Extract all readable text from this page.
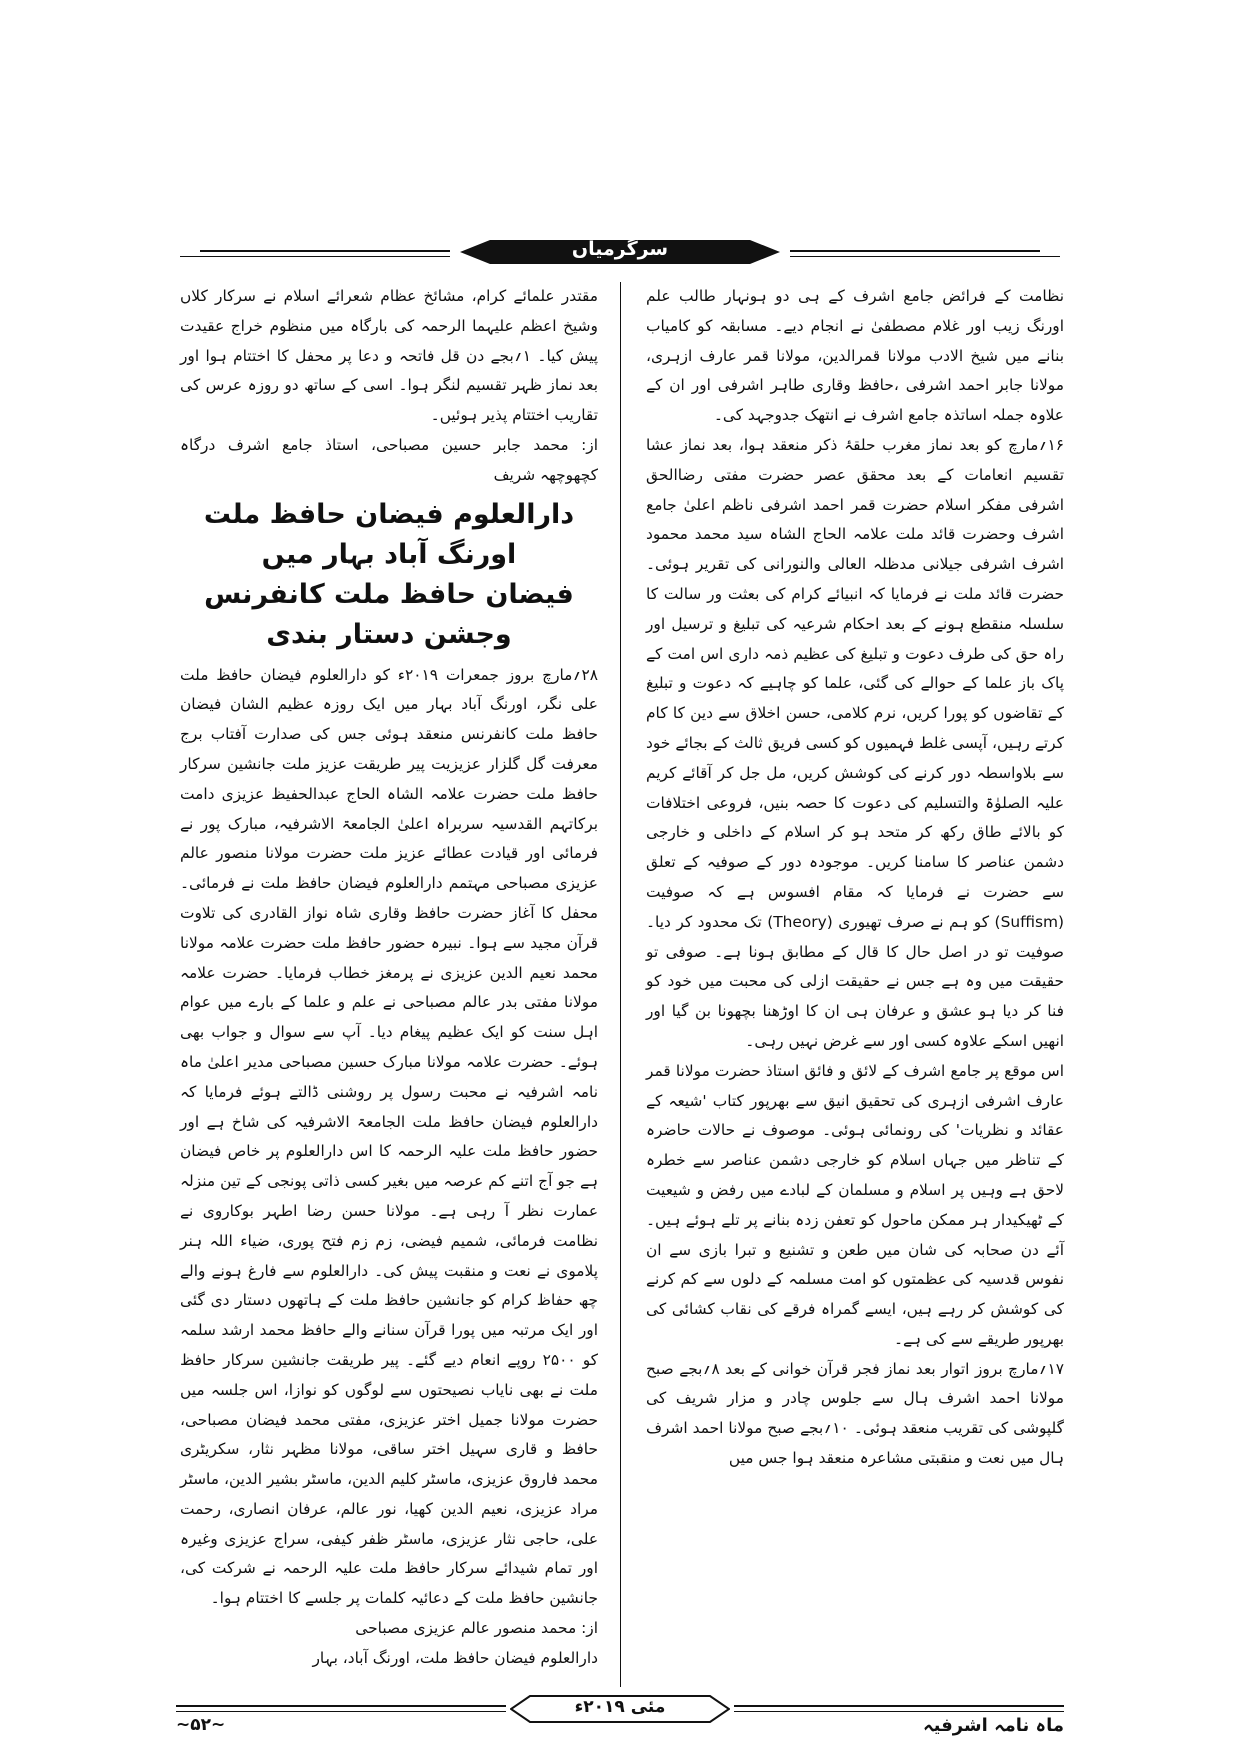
سرگرمیاں

نظامت کے فرائض جامع اشرف کے ہی دو ہونہار طالب علم اورنگ زیب اور غلام مصطفیٰ نے انجام دیے۔ مسابقہ کو کامیاب بنانے میں شیخ الادب مولانا قمرالدین، مولانا قمر عارف ازہری، مولانا جابر احمد اشرفی ،حافظ وقاری طاہر اشرفی اور ان کے علاوہ جملہ اساتذہ جامع اشرف نے انتھک جدوجہد کی۔

۱۶؍مارچ کو بعد نماز مغرب حلقۂ ذکر منعقد ہوا، بعد نماز عشا تقسیم انعامات کے بعد محقق عصر حضرت مفتی رضاالحق اشرفی مفکر اسلام حضرت قمر احمد اشرفی ناظم اعلیٰ جامع اشرف وحضرت قائد ملت علامہ الحاج الشاہ سید محمد محمود اشرف اشرفی جیلانی مدظلہ العالی والنورانی کی تقریر ہوئی۔ حضرت قائد ملت نے فرمایا کہ انبیائے کرام کی بعثت ور سالت کا سلسلہ منقطع ہونے کے بعد احکام شرعیہ کی تبلیغ و ترسیل اور راہ حق کی طرف دعوت و تبلیغ کی عظیم ذمہ داری اس امت کے پاک باز علما کے حوالے کی گئی، علما کو چاہیے کہ دعوت و تبلیغ کے تقاضوں کو پورا کریں، نرم کلامی، حسن اخلاق سے دین کا کام کرتے رہیں، آپسی غلط فہمیوں کو کسی فریق ثالث کے بجائے خود سے بلاواسطہ دور کرنے کی کوشش کریں، مل جل کر آقائے کریم علیہ الصلوٰۃ والتسلیم کی دعوت کا حصہ بنیں، فروعی اختلافات کو بالائے طاق رکھ کر متحد ہو کر اسلام کے داخلی و خارجی دشمن عناصر کا سامنا کریں۔ موجودہ دور کے صوفیہ کے تعلق سے حضرت نے فرمایا کہ مقام افسوس ہے کہ صوفیت (Suffism) کو ہم نے صرف تھیوری (Theory) تک محدود کر دیا۔ صوفیت تو در اصل حال کا قال کے مطابق ہونا ہے۔ صوفی تو حقیقت میں وہ ہے جس نے حقیقت ازلی کی محبت میں خود کو فنا کر دیا ہو عشق و عرفان ہی ان کا اوڑھنا بچھونا بن گیا اور انھیں اسکے علاوہ کسی اور سے غرض نہیں رہی۔

اس موقع پر جامع اشرف کے لائق و فائق استاذ حضرت مولانا قمر عارف اشرفی ازہری کی تحقیق انیق سے بھرپور کتاب 'شیعہ کے عقائد و نظریات' کی رونمائی ہوئی۔ موصوف نے حالات حاضرہ کے تناظر میں جہاں اسلام کو خارجی دشمن عناصر سے خطرہ لاحق ہے وہیں پر اسلام و مسلمان کے لبادے میں رفض و شیعیت کے ٹھیکیدار ہر ممکن ماحول کو تعفن زدہ بنانے پر تلے ہوئے ہیں۔ آئے دن صحابہ کی شان میں طعن و تشنیع و تبرا بازی سے ان نفوس قدسیہ کی عظمتوں کو امت مسلمہ کے دلوں سے کم کرنے کی کوشش کر رہے ہیں، ایسے گمراہ فرقے کی نقاب کشائی کی بھرپور طریقے سے کی ہے۔

۱۷؍مارچ بروز اتوار بعد نماز فجر قرآن خوانی کے بعد ۸؍بجے صبح مولانا احمد اشرف ہال سے جلوس چادر و مزار شریف کی گلپوشی کی تقریب منعقد ہوئی۔ ۱۰؍بجے صبح مولانا احمد اشرف ہال میں نعت و منقبتی مشاعرہ منعقد ہوا جس میں

مقتدر علمائے کرام، مشائخ عظام شعرائے اسلام نے سرکار کلاں وشیخ اعظم علیہما الرحمہ کی بارگاہ میں منظوم خراج عقیدت پیش کیا۔ ۱؍بجے دن قل فاتحہ و دعا پر محفل کا اختتام ہوا اور بعد نماز ظہر تقسیم لنگر ہوا۔ اسی کے ساتھ دو روزہ عرس کی تقاریب اختتام پذیر ہوئیں۔

از: محمد جابر حسین مصباحی، استاذ جامع اشرف درگاہ کچھوچھہ شریف

دارالعلوم فیضان حافظ ملت اورنگ آباد بہار میں
فیضان حافظ ملت کانفرنس وجشن دستار بندی

۲۸؍مارچ بروز جمعرات ۲۰۱۹ء کو دارالعلوم فیضان حافظ ملت علی نگر، اورنگ آباد بہار میں ایک روزہ عظیم الشان فیضان حافظ ملت کانفرنس منعقد ہوئی جس کی صدارت آفتاب برج معرفت گل گلزار عزیزیت پیر طریقت عزیز ملت جانشین سرکار حافظ ملت حضرت علامہ الشاہ الحاج عبدالحفیظ عزیزی دامت برکاتہم القدسیہ سربراہ اعلیٰ الجامعۃ الاشرفیہ، مبارک پور نے فرمائی اور قیادت عطائے عزیز ملت حضرت مولانا منصور عالم عزیزی مصباحی مہتمم دارالعلوم فیضان حافظ ملت نے فرمائی۔ محفل کا آغاز حضرت حافظ وقاری شاہ نواز القادری کی تلاوت قرآن مجید سے ہوا۔ نبیرہ حضور حافظ ملت حضرت علامہ مولانا محمد نعیم الدین عزیزی نے پرمغز خطاب فرمایا۔ حضرت علامہ مولانا مفتی بدر عالم مصباحی نے علم و علما کے بارے میں عوام اہل سنت کو ایک عظیم پیغام دیا۔ آپ سے سوال و جواب بھی ہوئے۔ حضرت علامہ مولانا مبارک حسین مصباحی مدیر اعلیٰ ماہ نامہ اشرفیہ نے محبت رسول پر روشنی ڈالتے ہوئے فرمایا کہ دارالعلوم فیضان حافظ ملت الجامعۃ الاشرفیہ کی شاخ ہے اور حضور حافظ ملت علیہ الرحمہ کا اس دارالعلوم پر خاص فیضان ہے جو آج اتنے کم عرصہ میں بغیر کسی ذاتی پونجی کے تین منزلہ عمارت نظر آ رہی ہے۔ مولانا حسن رضا اطہر بوکاروی نے نظامت فرمائی، شمیم فیضی، زم زم فتح پوری، ضیاء اللہ ہنر پلاموی نے نعت و منقبت پیش کی۔ دارالعلوم سے فارغ ہونے والے چھ حفاظ کرام کو جانشین حافظ ملت کے ہاتھوں دستار دی گئی اور ایک مرتبہ میں پورا قرآن سنانے والے حافظ محمد ارشد سلمہ کو ۲۵۰۰ روپے انعام دیے گئے۔ پیر طریقت جانشین سرکار حافظ ملت نے بھی نایاب نصیحتوں سے لوگوں کو نوازا، اس جلسہ میں حضرت مولانا جمیل اختر عزیزی، مفتی محمد فیضان مصباحی، حافظ و قاری سہیل اختر ساقی، مولانا مظہر نثار، سکریٹری محمد فاروق عزیزی، ماسٹر کلیم الدین، ماسٹر بشیر الدین، ماسٹر مراد عزیزی، نعیم الدین کھیا، نور عالم، عرفان انصاری، رحمت علی، حاجی نثار عزیزی، ماسٹر ظفر کیفی، سراج عزیزی وغیرہ اور تمام شیدائے سرکار حافظ ملت علیہ الرحمہ نے شرکت کی، جانشین حافظ ملت کے دعائیہ کلمات پر جلسے کا اختتام ہوا۔

از: محمد منصور عالم عزیزی مصباحی

دارالعلوم فیضان حافظ ملت، اورنگ آباد، بہار

مئی ۲۰۱۹ء
~۵۲~	ماہ نامہ اشرفیہ
